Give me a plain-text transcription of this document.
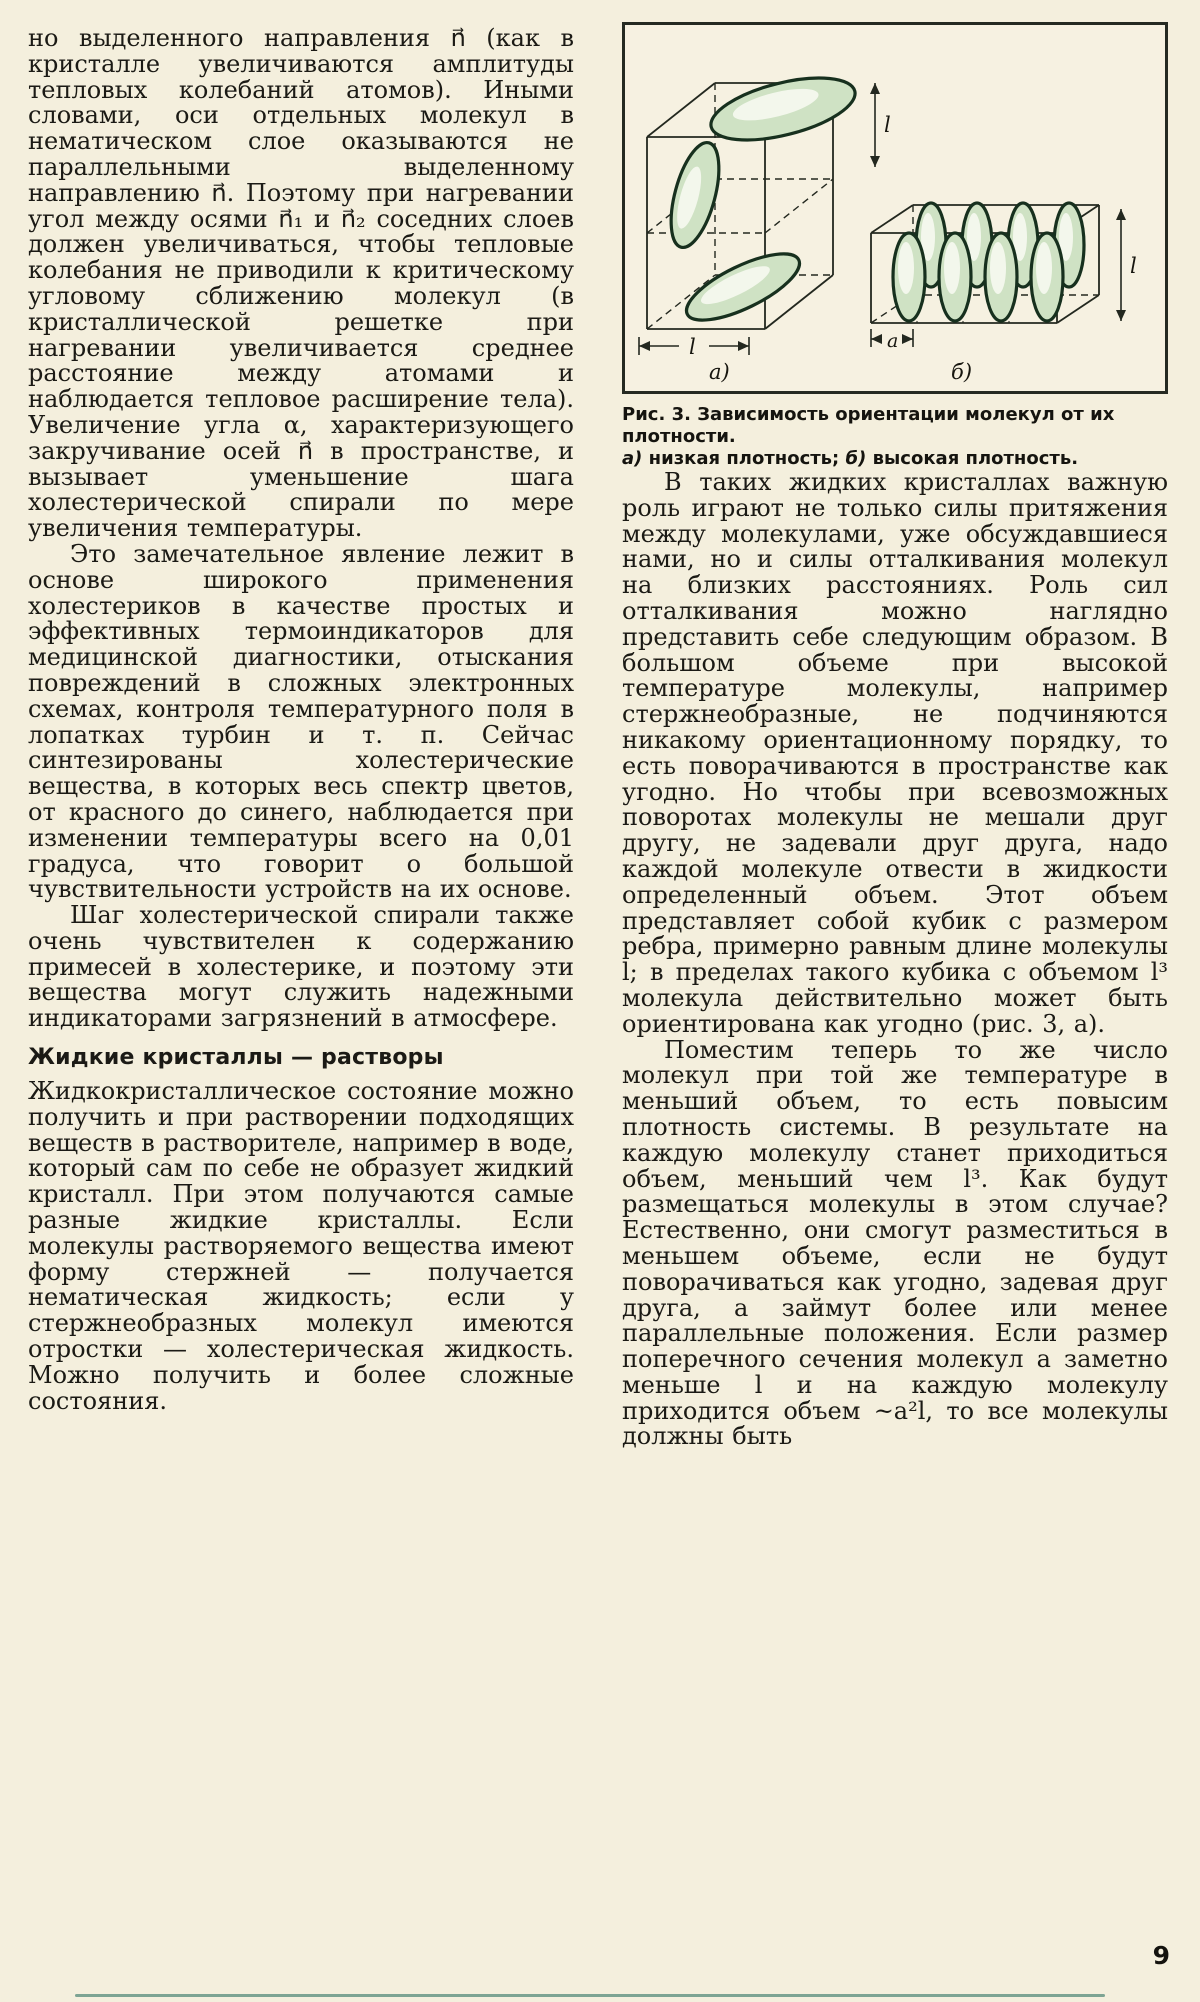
но выделенного направления n⃗ (как в кристалле увеличиваются амплитуды тепловых колебаний атомов). Иными словами, оси отдельных молекул в нематическом слое оказываются не параллельными выделенному направлению n⃗. Поэтому при нагревании угол между осями n⃗₁ и n⃗₂ соседних слоев должен увеличиваться, чтобы тепловые колебания не приводили к критическому угловому сближению молекул (в кристаллической решетке при нагревании увеличивается среднее расстояние между атомами и наблюдается тепловое расширение тела). Увеличение угла α, характеризующего закручивание осей n⃗ в пространстве, и вызывает уменьшение шага холестерической спирали по мере увеличения температуры.

Это замечательное явление лежит в основе широкого применения холестериков в качестве простых и эффективных термоиндикаторов для медицинской диагностики, отыскания повреждений в сложных электронных схемах, контроля температурного поля в лопатках турбин и т. п. Сейчас синтезированы холестерические вещества, в которых весь спектр цветов, от красного до синего, наблюдается при изменении температуры всего на 0,01 градуса, что говорит о большой чувствительности устройств на их основе.

Шаг холестерической спирали также очень чувствителен к содержанию примесей в холестерике, и поэтому эти вещества могут служить надежными индикаторами загрязнений в атмосфере.

Жидкие кристаллы — растворы

Жидкокристаллическое состояние можно получить и при растворении подходящих веществ в растворителе, например в воде, который сам по себе не образует жидкий кристалл. При этом получаются самые разные жидкие кристаллы. Если молекулы растворяемого вещества имеют форму стержней — получается нематическая жидкость; если у стержнеобразных молекул имеются отростки — холестерическая жидкость. Можно получить и более сложные состояния.

l
l
а)
a
l
б)
Рис. 3. Зависимость ориентации молекул от их плотности.
а) низкая плотность; б) высокая плотность.

В таких жидких кристаллах важную роль играют не только силы притяжения между молекулами, уже обсуждавшиеся нами, но и силы отталкивания молекул на близких расстояниях. Роль сил отталкивания можно наглядно представить себе следующим образом. В большом объеме при высокой температуре молекулы, например стержнеобразные, не подчиняются никакому ориентационному порядку, то есть поворачиваются в пространстве как угодно. Но чтобы при всевозможных поворотах молекулы не мешали друг другу, не задевали друг друга, надо каждой молекуле отвести в жидкости определенный объем. Этот объем представляет собой кубик с размером ребра, примерно равным длине молекулы l; в пределах такого кубика с объемом l³ молекула действительно может быть ориентирована как угодно (рис. 3, а).

Поместим теперь то же число молекул при той же температуре в меньший объем, то есть повысим плотность системы. В результате на каждую молекулу станет приходиться объем, меньший чем l³. Как будут размещаться молекулы в этом случае? Естественно, они смогут разместиться в меньшем объеме, если не будут поворачиваться как угодно, задевая друг друга, а займут более или менее параллельные положения. Если размер поперечного сечения молекул a заметно меньше l и на каждую молекулу приходится объем ~a²l, то все молекулы должны быть

9
